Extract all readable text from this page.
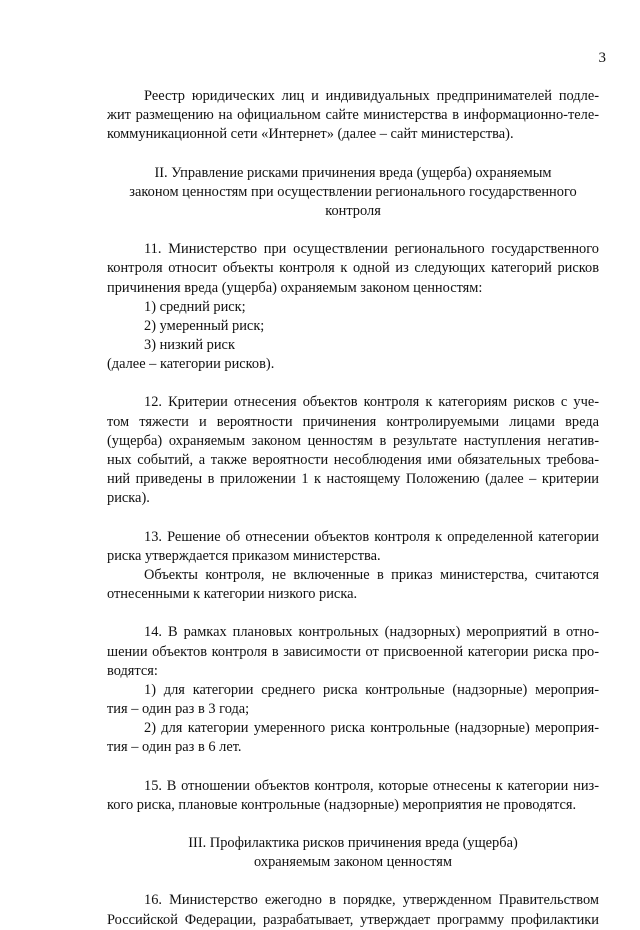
3
Реестр юридических лиц и индивидуальных предпринимателей подле-
жит размещению на официальном сайте министерства в информационно-теле-
коммуникационной сети «Интернет» (далее – сайт министерства).
II. Управление рисками причинения вреда (ущерба) охраняемым
законом ценностям при осуществлении регионального государственного
контроля
11. Министерство при осуществлении регионального государственного
контроля относит объекты контроля к одной из следующих категорий рисков
причинения вреда (ущерба) охраняемым законом ценностям:
1) средний риск;
2) умеренный риск;
3) низкий риск
(далее – категории рисков).
12. Критерии отнесения объектов контроля к категориям рисков с уче-
том тяжести и вероятности причинения контролируемыми лицами вреда
(ущерба) охраняемым законом ценностям в результате наступления негатив-
ных событий, а также вероятности несоблюдения ими обязательных требова-
ний приведены в приложении 1 к настоящему Положению (далее – критерии
риска).
13. Решение об отнесении объектов контроля к определенной категории
риска утверждается приказом министерства.
Объекты контроля, не включенные в приказ министерства, считаются
отнесенными к категории низкого риска.
14. В рамках плановых контрольных (надзорных) мероприятий в отно-
шении объектов контроля в зависимости от присвоенной категории риска про-
водятся:
1) для категории среднего риска контрольные (надзорные) мероприя-
тия – один раз в 3 года;
2) для категории умеренного риска контрольные (надзорные) мероприя-
тия – один раз в 6 лет.
15. В отношении объектов контроля, которые отнесены к категории низ-
кого риска, плановые контрольные (надзорные) мероприятия не проводятся.
III. Профилактика рисков причинения вреда (ущерба)
охраняемым законом ценностям
16. Министерство ежегодно в порядке, утвержденном Правительством
Российской Федерации, разрабатывает, утверждает программу профилактики
